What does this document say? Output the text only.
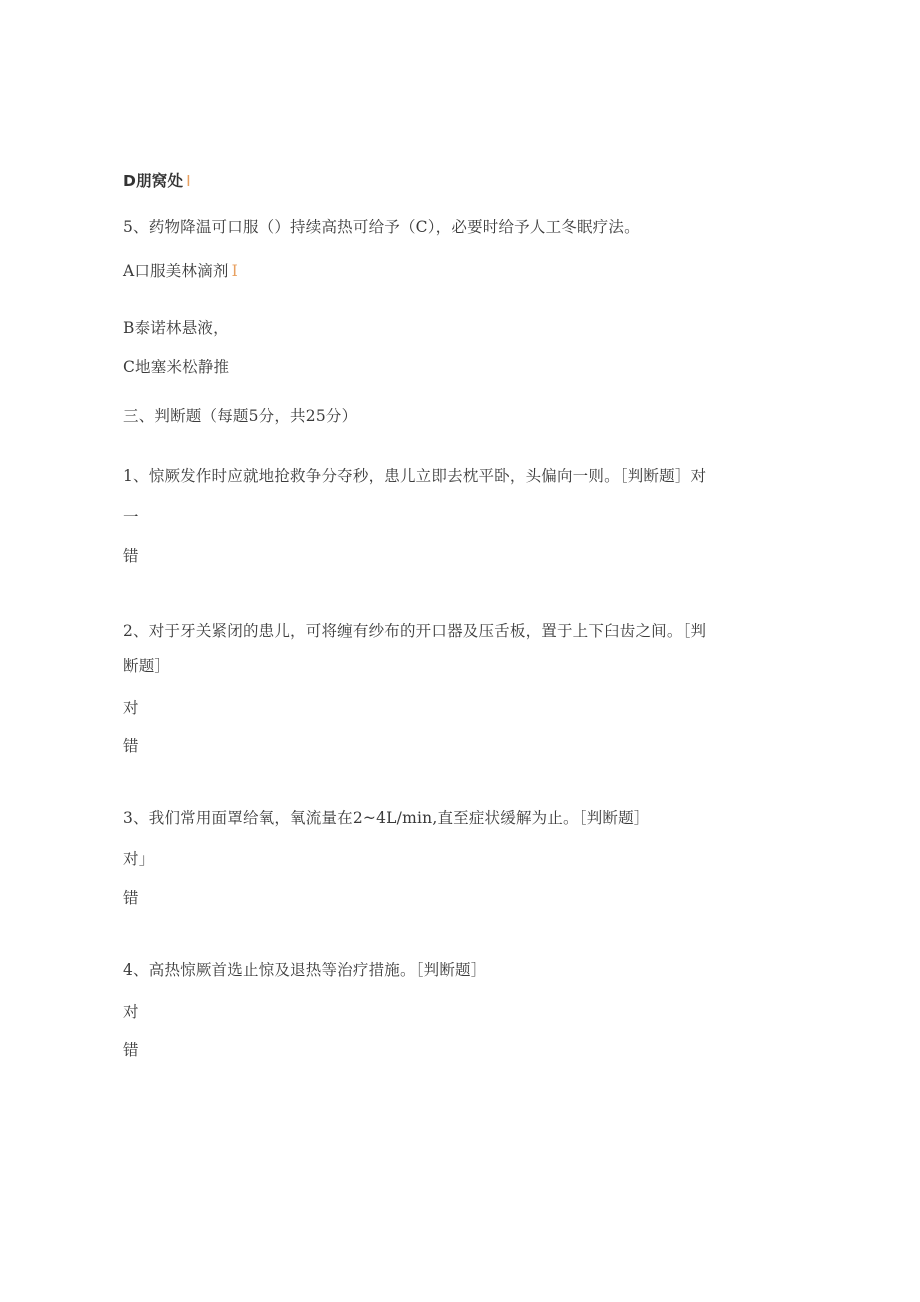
D朋窝处 I
5、药物降温可口服（）持续高热可给予（C），必要时给予人工冬眠疗法。
A口服美林滴剂 I
B泰诺林悬液，
C地塞米松静推
三、判断题（每题5分，共25分）
1、惊厥发作时应就地抢救争分夺秒，患儿立即去枕平卧，头偏向一则。［判断题］对
一
错
2、对于牙关紧闭的患儿，可将缠有纱布的开口器及压舌板，置于上下臼齿之间。［判
断题］
对
错
3、我们常用面罩给氧，氧流量在2~4L/min,直至症状缓解为止。［判断题］
对」
错
4、高热惊厥首选止惊及退热等治疗措施。［判断题］
对
错
